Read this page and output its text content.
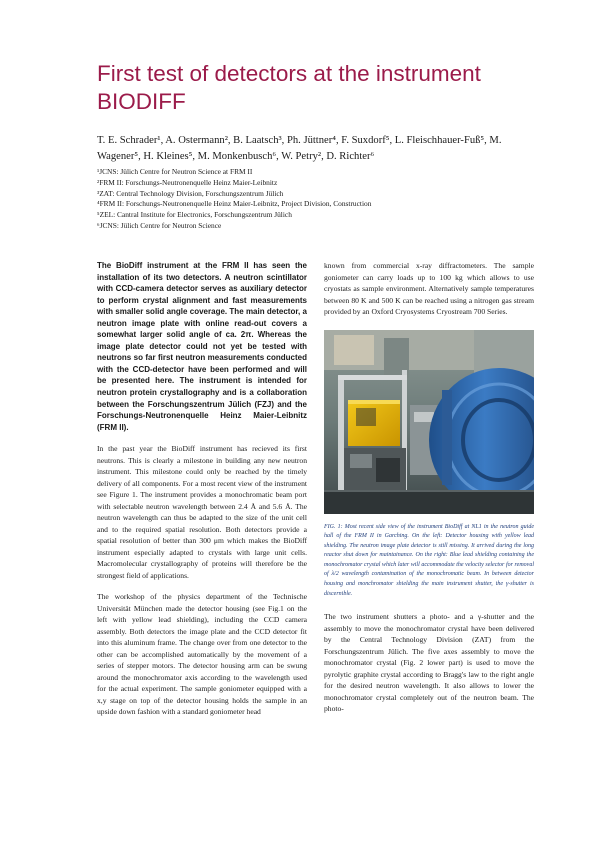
First test of detectors at the instrument BIODIFF
T. E. Schrader¹, A. Ostermann², B. Laatsch³, Ph. Jüttner⁴, F. Suxdorf⁵, L. Fleischhauer-Fuß⁵, M. Wagener⁵, H. Kleines⁵, M. Monkenbusch⁶, W. Petry², D. Richter⁶
¹JCNS: Jülich Centre for Neutron Science at FRM II
²FRM II: Forschungs-Neutronenquelle Heinz Maier-Leibnitz
³ZAT: Central Technology Division, Forschungszentrum Jülich
⁴FRM II: Forschungs-Neutronenquelle Heinz Maier-Leibnitz, Project Division, Construction
⁵ZEL: Cantral Institute for Electronics, Forschungszentrum Jülich
⁶JCNS: Jülich Centre for Neutron Science

The BioDiff instrument at the FRM II has seen the installation of its two detectors. A neutron scintillator with CCD-camera detector serves as auxiliary detector to perform crystal alignment and fast measurements with smaller solid angle coverage. The main detector, a neutron image plate with online read-out covers a somewhat larger solid angle of ca. 2π. Whereas the image plate detector could not yet be tested with neutrons so far first neutron measurements conducted with the CCD-detector have been performed and will be presented here. The instrument is intended for neutron protein crystallography and is a collaboration between the Forschungszentrum Jülich (FZJ) and the Forschungs-Neutronenquelle Heinz Maier-Leibnitz (FRM II).

In the past year the BioDiff instrument has recieved its first neutrons. This is clearly a milestone in building any new neutron instrument. This milestone could only be reached by the timely delivery of all components. For a most recent view of the instrument see Figure 1. The instrument provides a monochromatic beam port with selectable neutron wavelength between 2.4 Å and 5.6 Å. The neutron wavelength can thus be adapted to the size of the unit cell and to the required spatial resolution. Both detectors provide a spatial resolution of better than 300 μm which makes the BioDiff instrument especially adapted to crystals with large unit cells. Macromolecular crystallography of proteins will therefore be the strongest field of applications.

The workshop of the physics department of the Technische Universität München made the detector housing (see Fig.1 on the left with yellow lead shielding), including the CCD camera assembly. Both detectors the image plate and the CCD detector fit into this aluminum frame. The change over from one detector to the other can be accomplished automatically by the movement of a series of stepper motors. The detector housing arm can be swung around the monochromator axis according to the wavelength used for the actual experiment. The sample goniometer equipped with a x,y stage on top of the detector housing holds the sample in an upside down fashion with a standard goniometer head

known from commercial x-ray diffractometers. The sample goniometer can carry loads up to 100 kg which allows to use cryostats as sample environment. Alternatively sample temperatures between 80 K and 500 K can be reached using a nitrogen gas stream provided by an Oxford Cryosystems Cryostream 700 Series.

FIG. 1: Most recent side view of the instrument BioDiff at NL1 in the neutron guide hall of the FRM II in Garching. On the left: Detector housing with yellow lead shielding. The neutron image plate detector is still missing. It arrived during the long reactor shut down for maintainance. On the right: Blue lead shielding containing the monochromator crystal which later will accommodate the velocity selector for removal of λ/2 wavelength contamination of the monochromatic beam. In between detector housing and monchromator shielding the main instrument shutter, the γ-shutter is discernible.

The two instrument shutters a photo- and a γ-shutter and the assembly to move the monochromator crystal have been delivered by the Central Technology Division (ZAT) from the Forschungszentrum Jülich. The five axes assembly to move the monochromator crystal (Fig. 2 lower part) is used to move the pyrolytic graphite crystal according to Bragg's law to the right angle for the desired neutron wavelength. It also allows to lower the monochromator crystal completely out of the neutron beam. The photo-
